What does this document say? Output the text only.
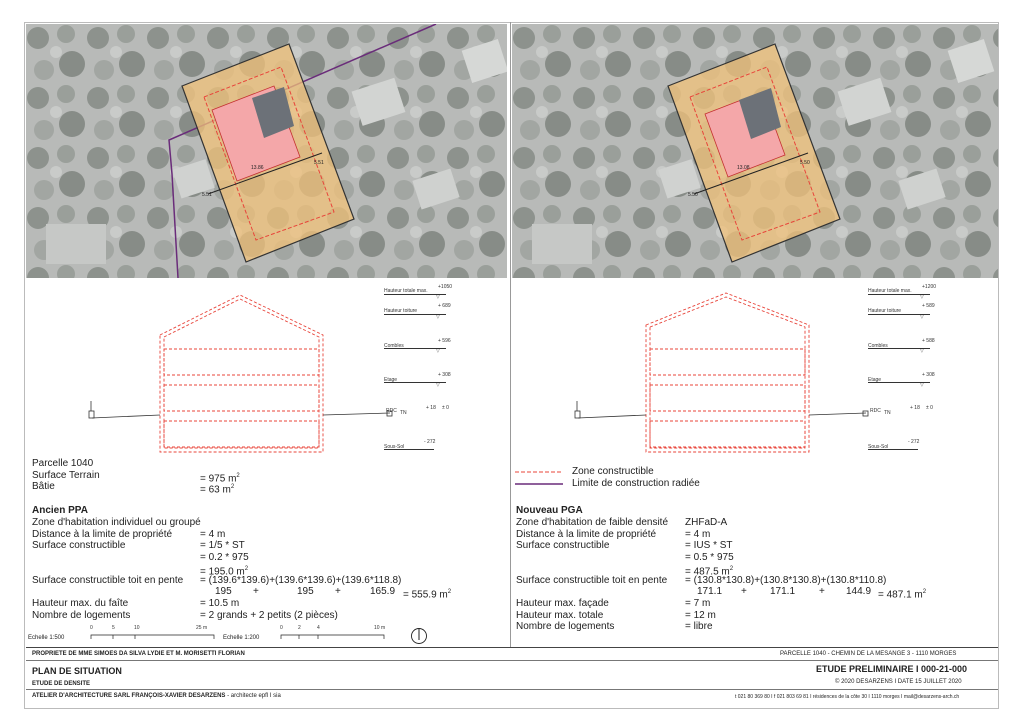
13.86
5.51
5.51
13.08
5.50
5.50
Hauteur totale max.
+1050
▽
Hauteur toiture
+ 689
▽
Combles
+ 596
▽
Etage
+ 308
▽
RDC TN
+ 18 ± 0
Sous-Sol
- 272
Hauteur totale max.
+1200
▽
Hauteur toiture
+ 589
▽
Combles
+ 588
▽
Etage
+ 308
▽
RDC TN
+ 18 ± 0
Sous-Sol
- 272
Parcelle 1040
Surface Terrain	= 975 $m^2$
Bâtie	= 63 $m^2$
Ancien PPA
Zone d'habitation individuel ou groupé
Distance à la limite de propriété	= 4 m
Surface constructible	= 1/5 * ST
= 0.2 * 975
= 195.0 $m^2$
Surface constructible toit en pente = (139.6*139.6)+(139.6*139.6)+(139.6*118.8)
195 +	195 +	165.9 = 555.9 $m^2$
Hauteur max. du faîte	= 10.5 m
Nombre de logements	= 2 grands + 2 petits (2 pièces)
Zone constructible
Limite de construction radiée
Nouveau PGA
Zone d'habitation de faible densité ZHFaD-A
Distance à la limite de propriété	= 4 m
Surface constructible	= IUS * ST
= 0.5 * 975
= 487.5 $m^2$
Surface constructible toit en pente = (130.8*130.8)+(130.8*130.8)+(130.8*110.8)
171.1 + 171.1 + 144.9 = 487.1 $m^2$
Hauteur max. façade	= 7 m
Hauteur max. totale	= 12 m
Nombre de logements	= libre
0	5	10	25 m
Echelle 1:500
0	2	4	10 m
Echelle 1:200
PROPRIETE DE MME SIMOES DA SILVA LYDIE ET M. MORISETTI FLORIAN	PARCELLE 1040 - CHEMIN DE LA MESANGE 3 - 1110 MORGES
PLAN DE SITUATION	ETUDE PRELIMINAIRE I 000-21-000
ETUDE DE DENSITE	© 2020 DESARZENS I DATE 15 JUILLET 2020
ATELIER D'ARCHITECTURE SARL FRANÇOIS-XAVIER DESARZENS - architecte epfl I sia	t 021 80 369 80 I f 021 803 69 81 I résidences de la côte 30 I 1110 morges I mail@desarzens-arch.ch
